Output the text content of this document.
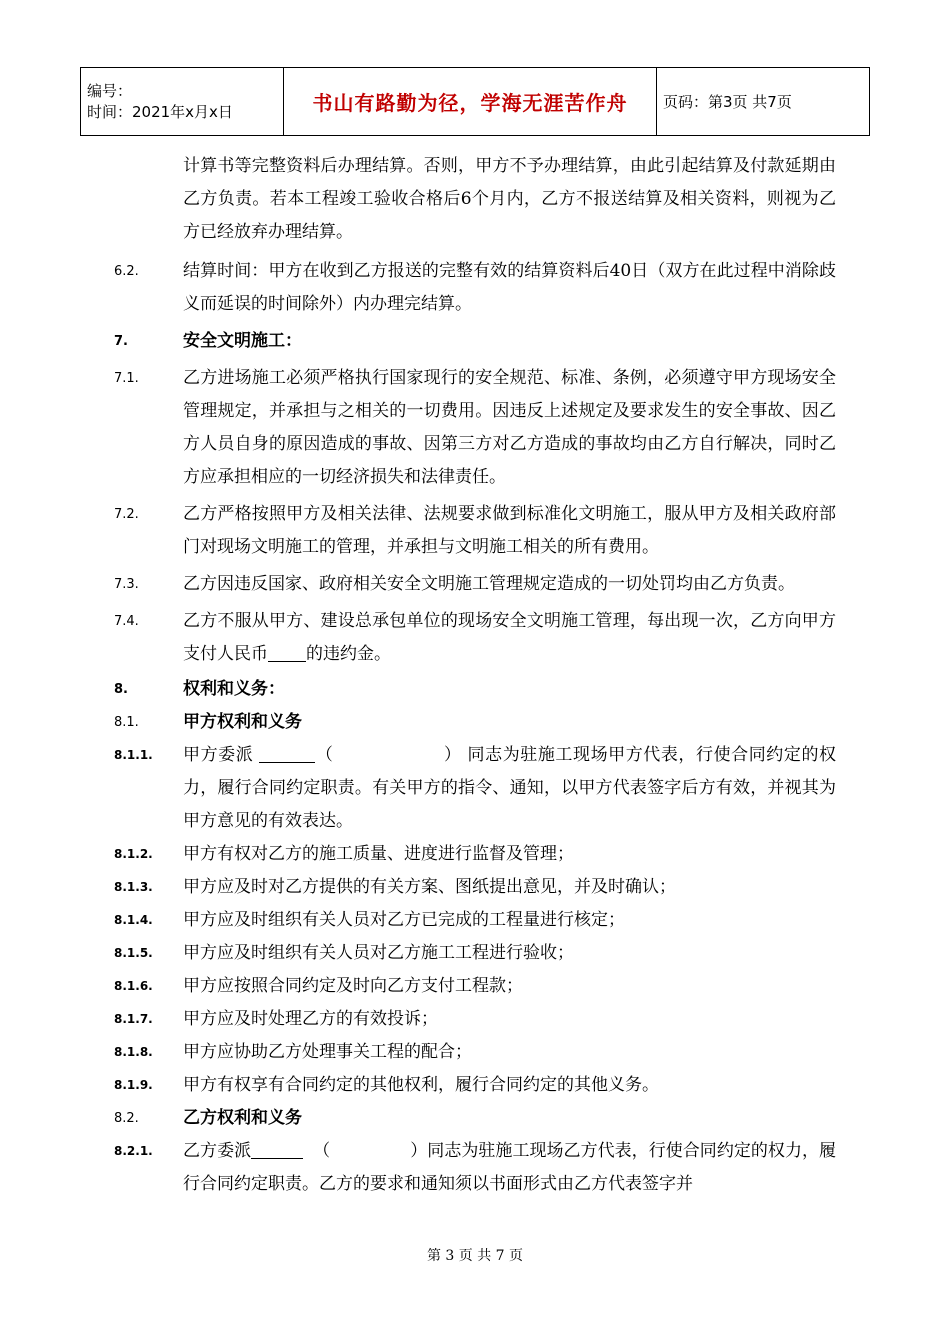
编号：
时间：2021年x月x日	书山有路勤为径，学海无涯苦作舟	页码：第3页 共7页
计算书等完整资料后办理结算。否则，甲方不予办理结算，由此引起结算及付款延期由乙方负责。若本工程竣工验收合格后6个月内，乙方不报送结算及相关资料，则视为乙方已经放弃办理结算。
6.2.	结算时间：甲方在收到乙方报送的完整有效的结算资料后40日（双方在此过程中消除歧义而延误的时间除外）内办理完结算。
7.	安全文明施工：
7.1.	乙方进场施工必须严格执行国家现行的安全规范、标准、条例，必须遵守甲方现场安全管理规定，并承担与之相关的一切费用。因违反上述规定及要求发生的安全事故、因乙方人员自身的原因造成的事故、因第三方对乙方造成的事故均由乙方自行解决，同时乙方应承担相应的一切经济损失和法律责任。
7.2.	乙方严格按照甲方及相关法律、法规要求做到标准化文明施工，服从甲方及相关政府部门对现场文明施工的管理，并承担与文明施工相关的所有费用。
7.3.	乙方因违反国家、政府相关安全文明施工管理规定造成的一切处罚均由乙方负责。
7.4.	乙方不服从甲方、建设总承包单位的现场安全文明施工管理，每出现一次，乙方向甲方支付人民币 的违约金。
8.	权利和义务：
8.1.	甲方权利和义务
8.1.1. 甲方委派	（	） 同志为驻施工现场甲方代表，行使合同约定的权力，履行合同约定职责。有关甲方的指令、通知，以甲方代表签字后方有效，并视其为甲方意见的有效表达。
8.1.2. 甲方有权对乙方的施工质量、进度进行监督及管理；
8.1.3. 甲方应及时对乙方提供的有关方案、图纸提出意见，并及时确认；
8.1.4. 甲方应及时组织有关人员对乙方已完成的工程量进行核定；
8.1.5. 甲方应及时组织有关人员对乙方施工工程进行验收；
8.1.6. 甲方应按照合同约定及时向乙方支付工程款；
8.1.7. 甲方应及时处理乙方的有效投诉；
8.1.8. 甲方应协助乙方处理事关工程的配合；
8.1.9. 甲方有权享有合同约定的其他权利，履行合同约定的其他义务。
8.2.	乙方权利和义务
8.2.1. 乙方委派	（	）同志为驻施工现场乙方代表，行使合同约定的权力，履行合同约定职责。乙方的要求和通知须以书面形式由乙方代表签字并
第 3 页 共 7 页
